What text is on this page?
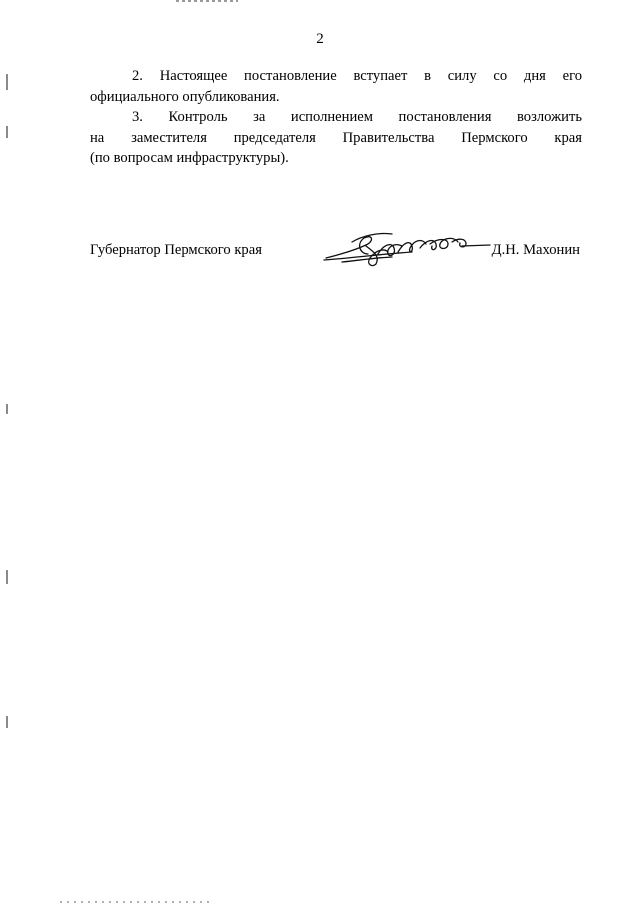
2
2. Настоящее постановление вступает в силу со дня его
официального опубликования.
3. Контроль за исполнением постановления возложить
на заместителя председателя Правительства Пермского края
(по вопросам инфраструктуры).
Губернатор Пермского края	Д.Н. Махонин
